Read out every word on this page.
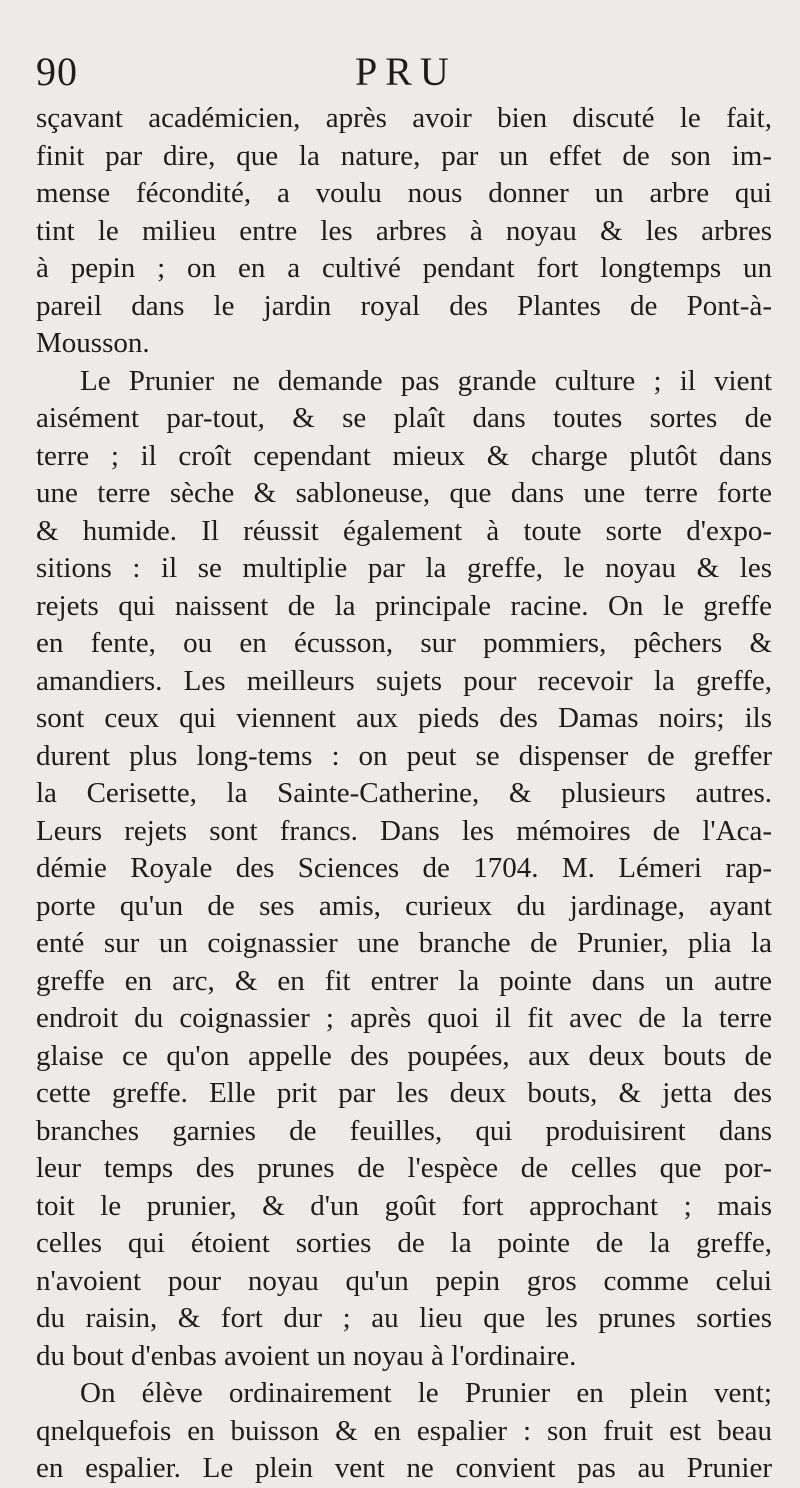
90	PRU
sçavant académicien, après avoir bien discuté le fait,
finit par dire, que la nature, par un effet de son im-
mense fécondité, a voulu nous donner un arbre qui
tint le milieu entre les arbres à noyau & les arbres
à pepin ; on en a cultivé pendant fort longtemps un
pareil dans le jardin royal des Plantes de Pont-à-
Mousson.
Le Prunier ne demande pas grande culture ; il vient
aisément par-tout, & se plaît dans toutes sortes de
terre ; il croît cependant mieux & charge plutôt dans
une terre sèche & sabloneuse, que dans une terre forte
& humide. Il réussit également à toute sorte d'expo-
sitions : il se multiplie par la greffe, le noyau & les
rejets qui naissent de la principale racine. On le greffe
en fente, ou en écusson, sur pommiers, pêchers &
amandiers. Les meilleurs sujets pour recevoir la greffe,
sont ceux qui viennent aux pieds des Damas noirs; ils
durent plus long-tems : on peut se dispenser de greffer
la Cerisette, la Sainte-Catherine, & plusieurs autres.
Leurs rejets sont francs. Dans les mémoires de l'Aca-
démie Royale des Sciences de 1704. M. Lémeri rap-
porte qu'un de ses amis, curieux du jardinage, ayant
enté sur un coignassier une branche de Prunier, plia la
greffe en arc, & en fit entrer la pointe dans un autre
endroit du coignassier ; après quoi il fit avec de la terre
glaise ce qu'on appelle des poupées, aux deux bouts de
cette greffe. Elle prit par les deux bouts, & jetta des
branches garnies de feuilles, qui produisirent dans
leur temps des prunes de l'espèce de celles que por-
toit le prunier, & d'un goût fort approchant ; mais
celles qui étoient sorties de la pointe de la greffe,
n'avoient pour noyau qu'un pepin gros comme celui
du raisin, & fort dur ; au lieu que les prunes sorties
du bout d'enbas avoient un noyau à l'ordinaire.
On élève ordinairement le Prunier en plein vent;
qnelquefois en buisson & en espalier : son fruit est beau
en espalier. Le plein vent ne convient pas au Prunier
